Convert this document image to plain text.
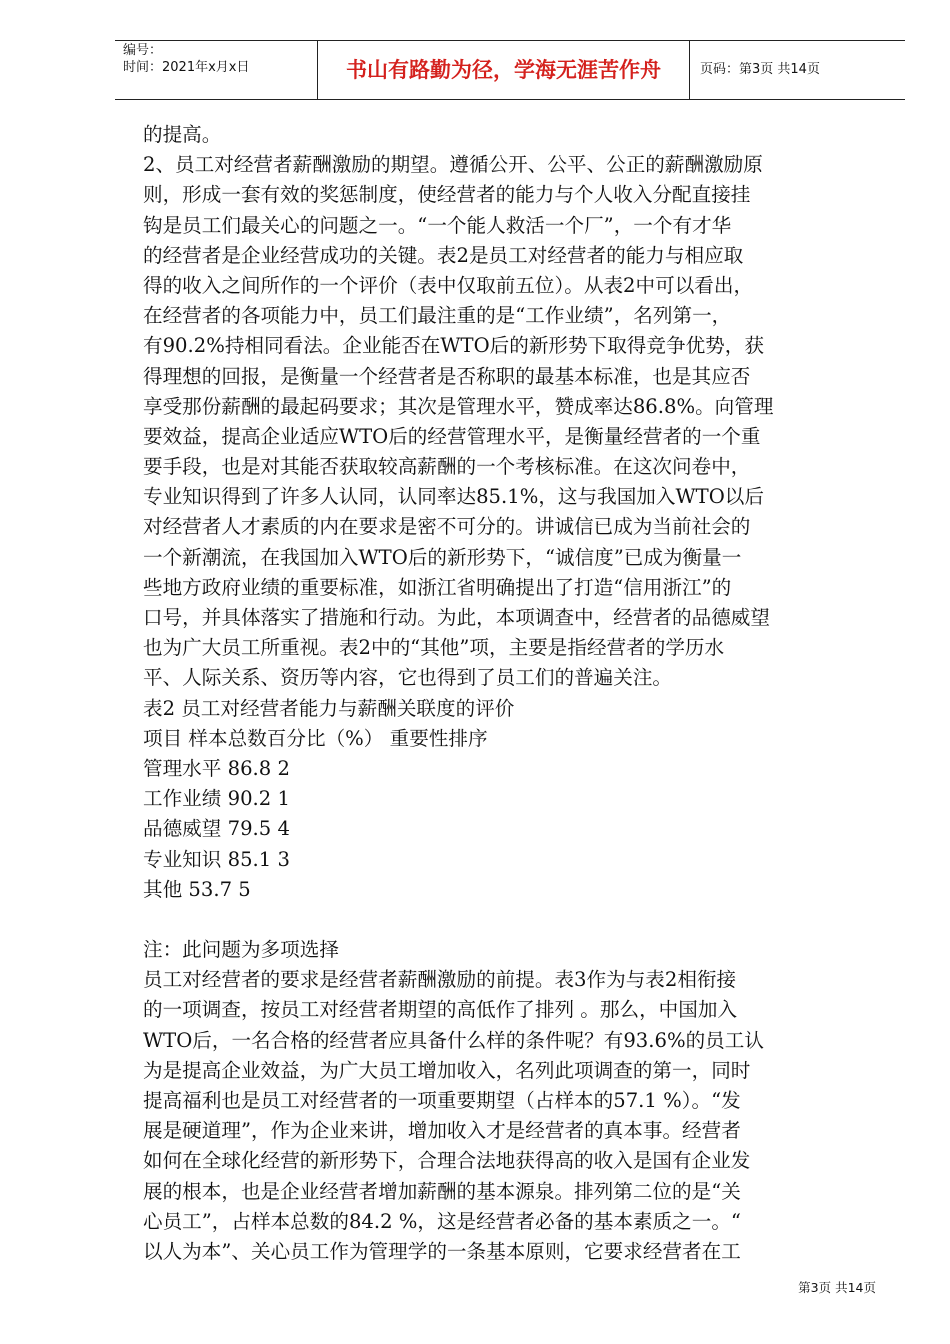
编号：
时间：2021年x月x日	书山有路勤为径，学海无涯苦作舟	页码：第3页 共14页
的提高。
2、员工对经营者薪酬激励的期望。遵循公开、公平、公正的薪酬激励原
则，形成一套有效的奖惩制度，使经营者的能力与个人收入分配直接挂
钩是员工们最关心的问题之一。“一个能人救活一个厂”，一个有才华
的经营者是企业经营成功的关键。表2是员工对经营者的能力与相应取
得的收入之间所作的一个评价（表中仅取前五位）。从表2中可以看出，
在经营者的各项能力中，员工们最注重的是“工作业绩”，名列第一，
有90.2%持相同看法。企业能否在WTO后的新形势下取得竞争优势，获
得理想的回报，是衡量一个经营者是否称职的最基本标准，也是其应否
享受那份薪酬的最起码要求；其次是管理水平，赞成率达86.8%。向管理
要效益，提高企业适应WTO后的经营管理水平，是衡量经营者的一个重
要手段，也是对其能否获取较高薪酬的一个考核标准。在这次问卷中，
专业知识得到了许多人认同，认同率达85.1%，这与我国加入WTO以后
对经营者人才素质的内在要求是密不可分的。讲诚信已成为当前社会的
一个新潮流，在我国加入WTO后的新形势下，“诚信度”已成为衡量一
些地方政府业绩的重要标准，如浙江省明确提出了打造“信用浙江”的
口号，并具体落实了措施和行动。为此，本项调查中，经营者的品德威望
也为广大员工所重视。表2中的“其他”项，主要是指经营者的学历水
平、人际关系、资历等内容，它也得到了员工们的普遍关注。
表2 员工对经营者能力与薪酬关联度的评价
项目 样本总数百分比（%） 重要性排序
管理水平 86.8 2
工作业绩 90.2 1
品德威望 79.5 4
专业知识 85.1 3
其他 53.7 5
注：此问题为多项选择
员工对经营者的要求是经营者薪酬激励的前提。表3作为与表2相衔接
的一项调查，按员工对经营者期望的高低作了排列 。那么，中国加入
WTO后，一名合格的经营者应具备什么样的条件呢？有93.6%的员工认
为是提高企业效益，为广大员工增加收入，名列此项调查的第一，同时
提高福利也是员工对经营者的一项重要期望（占样本的57.1 %）。“发
展是硬道理”，作为企业来讲，增加收入才是经营者的真本事。经营者
如何在全球化经营的新形势下，合理合法地获得高的收入是国有企业发
展的根本，也是企业经营者增加薪酬的基本源泉。排列第二位的是“关
心员工”，占样本总数的84.2 %，这是经营者必备的基本素质之一。“
以人为本”、关心员工作为管理学的一条基本原则，它要求经营者在工
第3页 共14页
